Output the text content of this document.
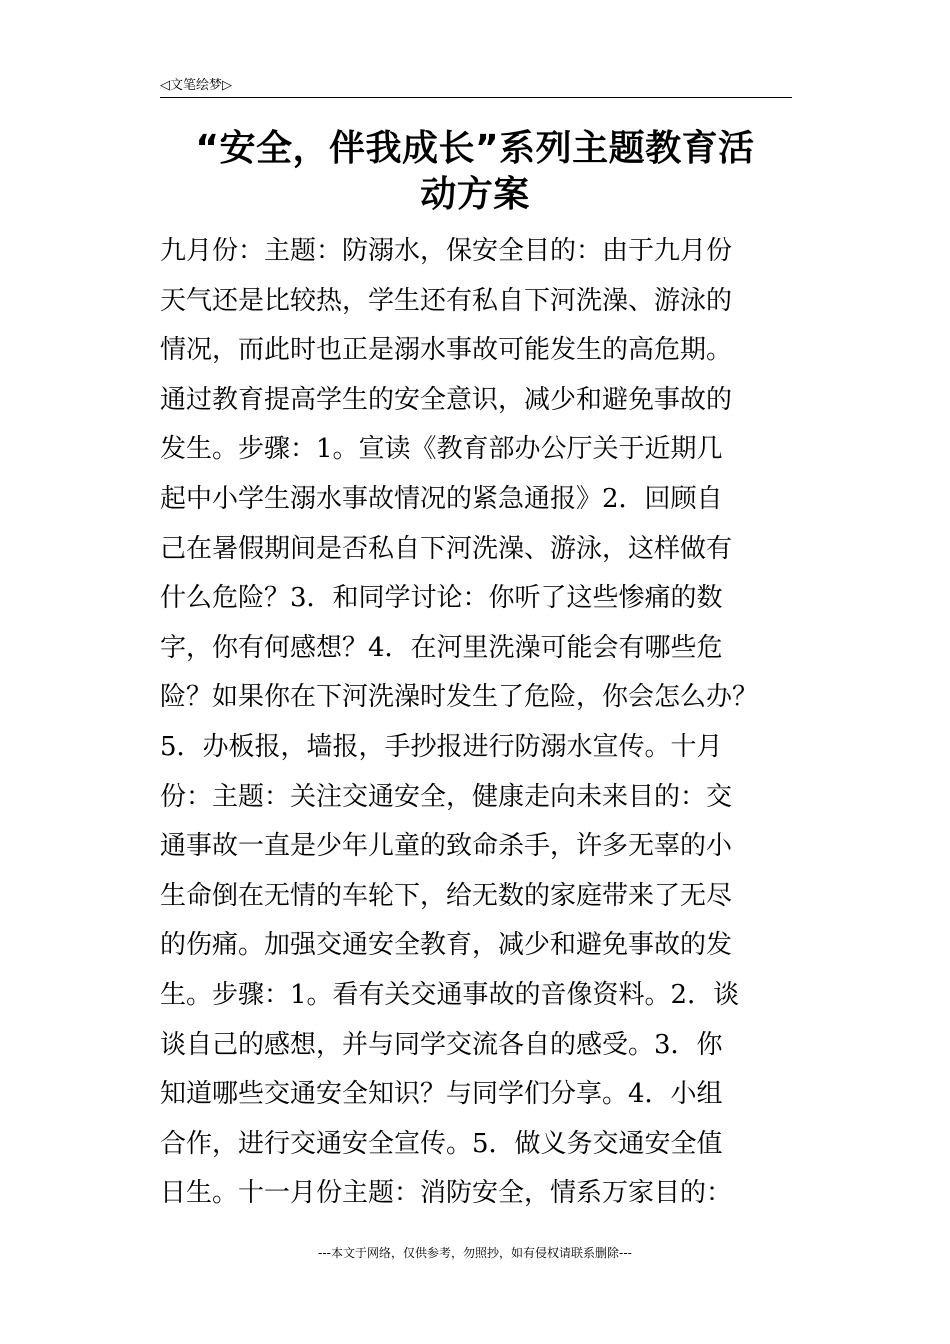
◁文笔绘梦▷
“安全，伴我成长”系列主题教育活
动方案
九月份：主题：防溺水，保安全目的：由于九月份
天气还是比较热，学生还有私自下河洗澡、游泳的
情况，而此时也正是溺水事故可能发生的高危期。
通过教育提高学生的安全意识，减少和避免事故的
发生。步骤：1。宣读《教育部办公厅关于近期几
起中小学生溺水事故情况的紧急通报》2．回顾自
己在暑假期间是否私自下河洗澡、游泳，这样做有
什么危险？3．和同学讨论：你听了这些惨痛的数
字，你有何感想？4．在河里洗澡可能会有哪些危
险？如果你在下河洗澡时发生了危险，你会怎么办？
5．办板报，墙报，手抄报进行防溺水宣传。十月
份：主题：关注交通安全，健康走向未来目的：交
通事故一直是少年儿童的致命杀手，许多无辜的小
生命倒在无情的车轮下，给无数的家庭带来了无尽
的伤痛。加强交通安全教育，减少和避免事故的发
生。步骤：1。看有关交通事故的音像资料。2．谈
谈自己的感想，并与同学交流各自的感受。3．你
知道哪些交通安全知识？与同学们分享。4．小组
合作，进行交通安全宣传。5．做义务交通安全值
日生。十一月份主题：消防安全，情系万家目的：
---本文于网络，仅供参考，勿照抄，如有侵权请联系删除---
